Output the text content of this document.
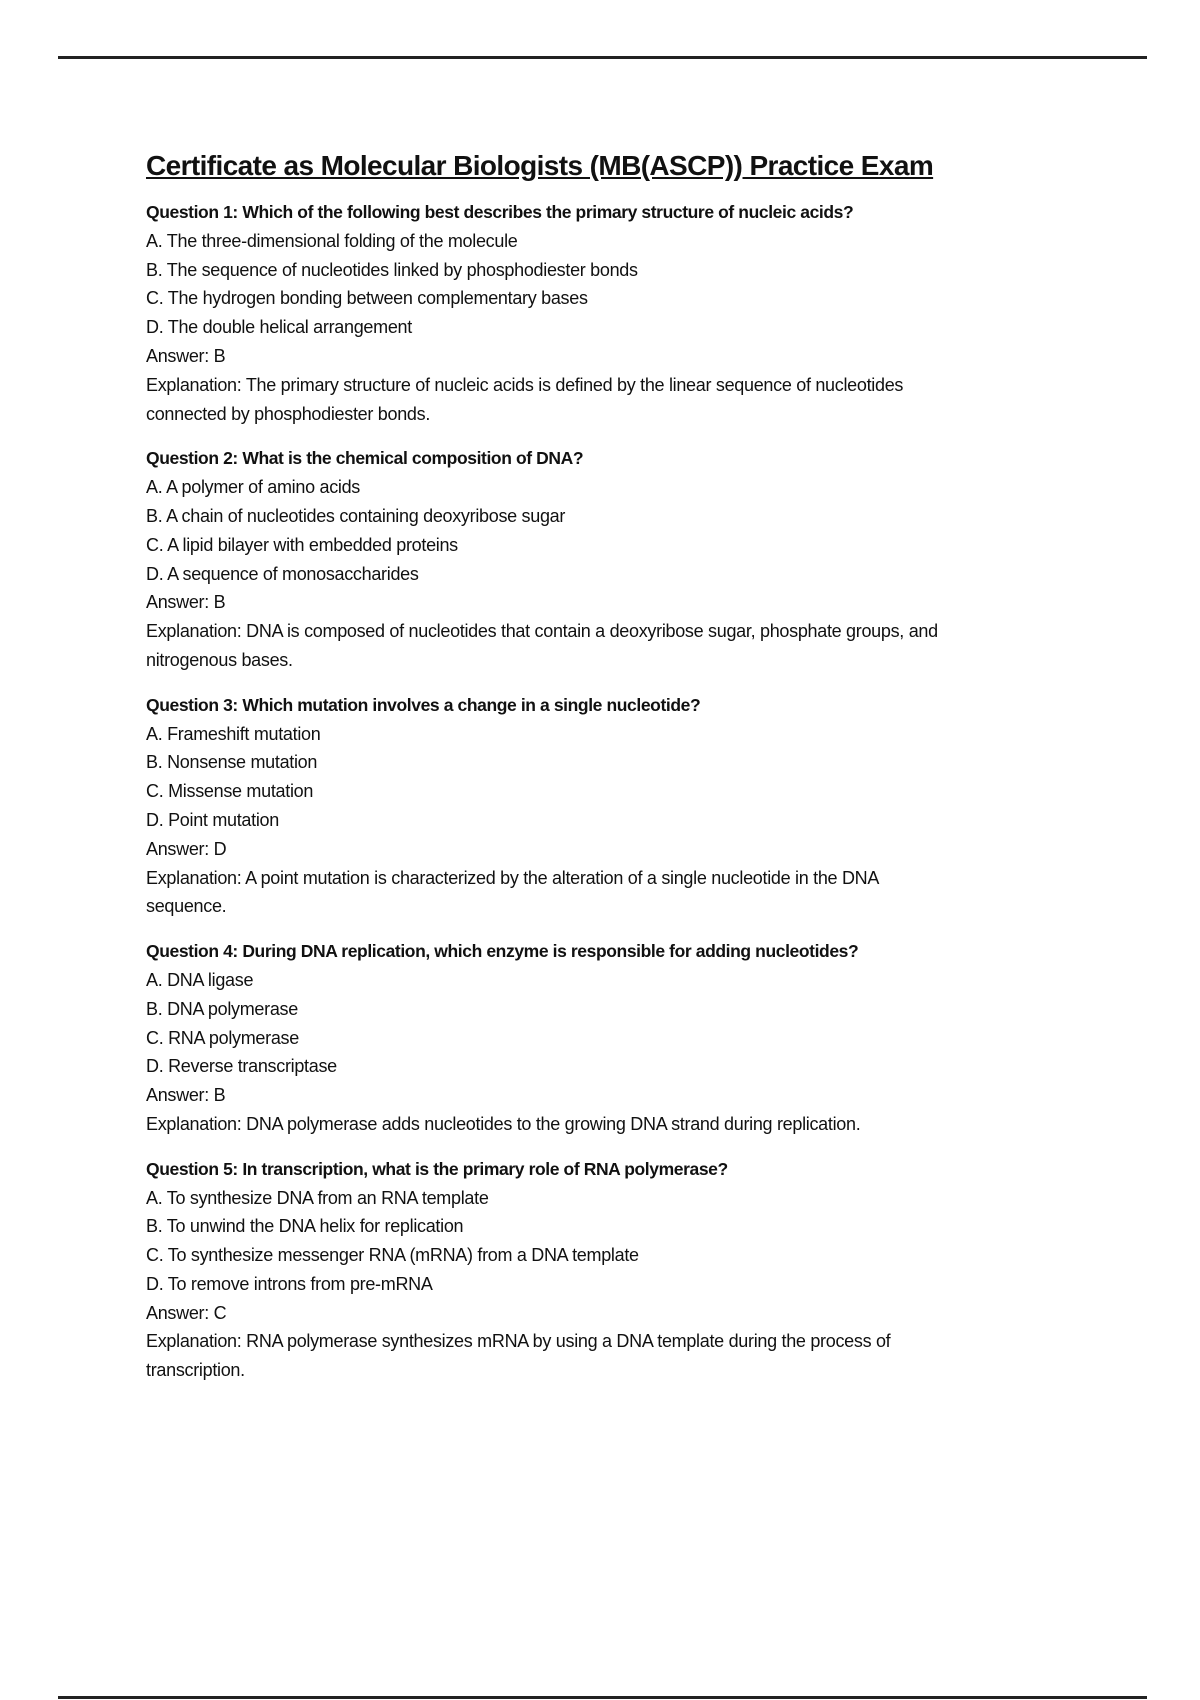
Certificate as Molecular Biologists (MB(ASCP)) Practice Exam
Question 1: Which of the following best describes the primary structure of nucleic acids?
A. The three-dimensional folding of the molecule
B. The sequence of nucleotides linked by phosphodiester bonds
C. The hydrogen bonding between complementary bases
D. The double helical arrangement
Answer: B
Explanation: The primary structure of nucleic acids is defined by the linear sequence of nucleotides
connected by phosphodiester bonds.
Question 2: What is the chemical composition of DNA?
A. A polymer of amino acids
B. A chain of nucleotides containing deoxyribose sugar
C. A lipid bilayer with embedded proteins
D. A sequence of monosaccharides
Answer: B
Explanation: DNA is composed of nucleotides that contain a deoxyribose sugar, phosphate groups, and
nitrogenous bases.
Question 3: Which mutation involves a change in a single nucleotide?
A. Frameshift mutation
B. Nonsense mutation
C. Missense mutation
D. Point mutation
Answer: D
Explanation: A point mutation is characterized by the alteration of a single nucleotide in the DNA
sequence.
Question 4: During DNA replication, which enzyme is responsible for adding nucleotides?
A. DNA ligase
B. DNA polymerase
C. RNA polymerase
D. Reverse transcriptase
Answer: B
Explanation: DNA polymerase adds nucleotides to the growing DNA strand during replication.
Question 5: In transcription, what is the primary role of RNA polymerase?
A. To synthesize DNA from an RNA template
B. To unwind the DNA helix for replication
C. To synthesize messenger RNA (mRNA) from a DNA template
D. To remove introns from pre-mRNA
Answer: C
Explanation: RNA polymerase synthesizes mRNA by using a DNA template during the process of
transcription.
